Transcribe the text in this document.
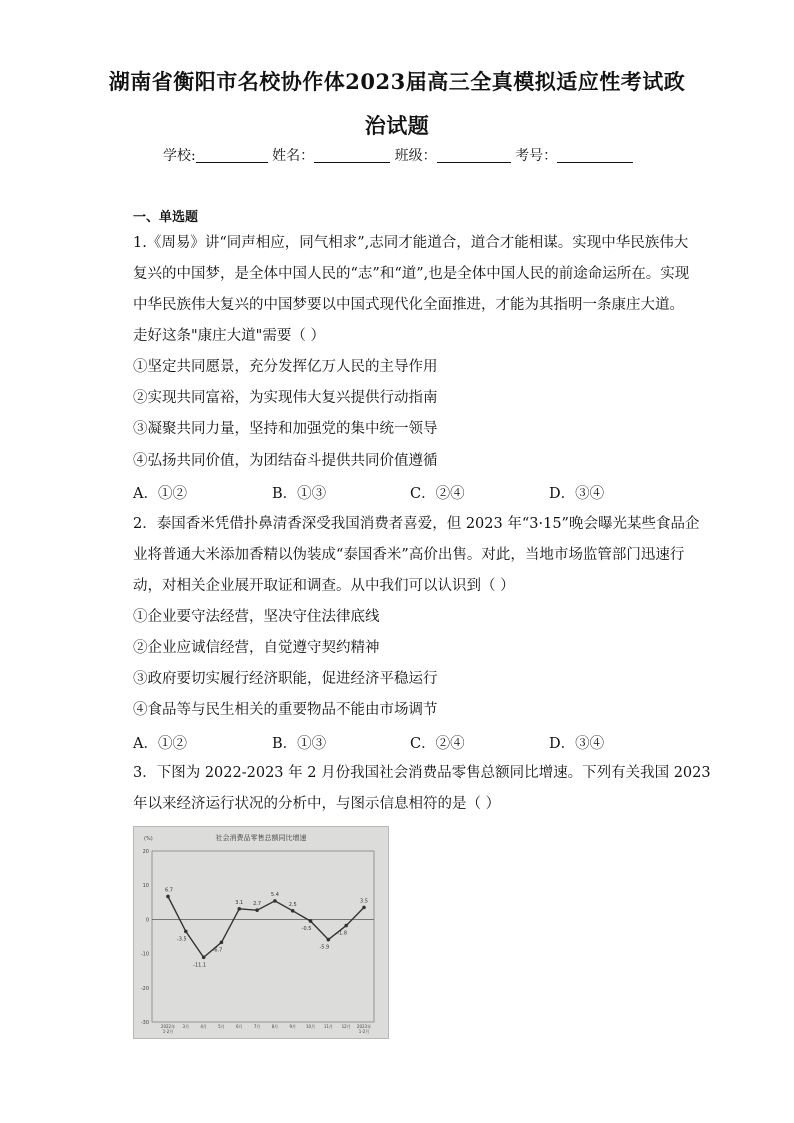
湖南省衡阳市名校协作体2023届高三全真模拟适应性考试政
治试题
学校:	姓名：	班级：	考号：
一、单选题
1.《周易》讲“同声相应，同气相求”,志同才能道合，道合才能相谋。实现中华民族伟大
复兴的中国梦，是全体中国人民的“志”和“道”,也是全体中国人民的前途命运所在。实现
中华民族伟大复兴的中国梦要以中国式现代化全面推进，才能为其指明一条康庄大道。
走好这条"康庄大道"需要（ ）
①坚定共同愿景，充分发挥亿万人民的主导作用
②实现共同富裕，为实现伟大复兴提供行动指南
③凝聚共同力量，坚持和加强党的集中统一领导
④弘扬共同价值，为团结奋斗提供共同价值遵循
A．①②	B．①③	C．②④	D．③④
2．泰国香米凭借扑鼻清香深受我国消费者喜爱，但 2023 年“3·15”晚会曝光某些食品企
业将普通大米添加香精以伪装成“泰国香米”高价出售。对此，当地市场监管部门迅速行
动，对相关企业展开取证和调查。从中我们可以认识到（ ）
①企业要守法经营，坚决守住法律底线
②企业应诚信经营，自觉遵守契约精神
③政府要切实履行经济职能，促进经济平稳运行
④食品等与民生相关的重要物品不能由市场调节
A．①②	B．①③	C．②④	D．③④
3．下图为 2022-2023 年 2 月份我国社会消费品零售总额同比增速。下列有关我国 2023
年以来经济运行状况的分析中，与图示信息相符的是（ ）
社会消费品零售总额同比增速
(%)
20
10
0
-10
-20
-30
2022年
1-2月
3月	4月	5月	6月	7月	8月	9月 10月 11月 12月 2023年
1-2月
6.7
-3.5
-11.1
-6.7
3.1 2.7
5.4
2.5
-0.5
-5.9
-1.8
3.5
